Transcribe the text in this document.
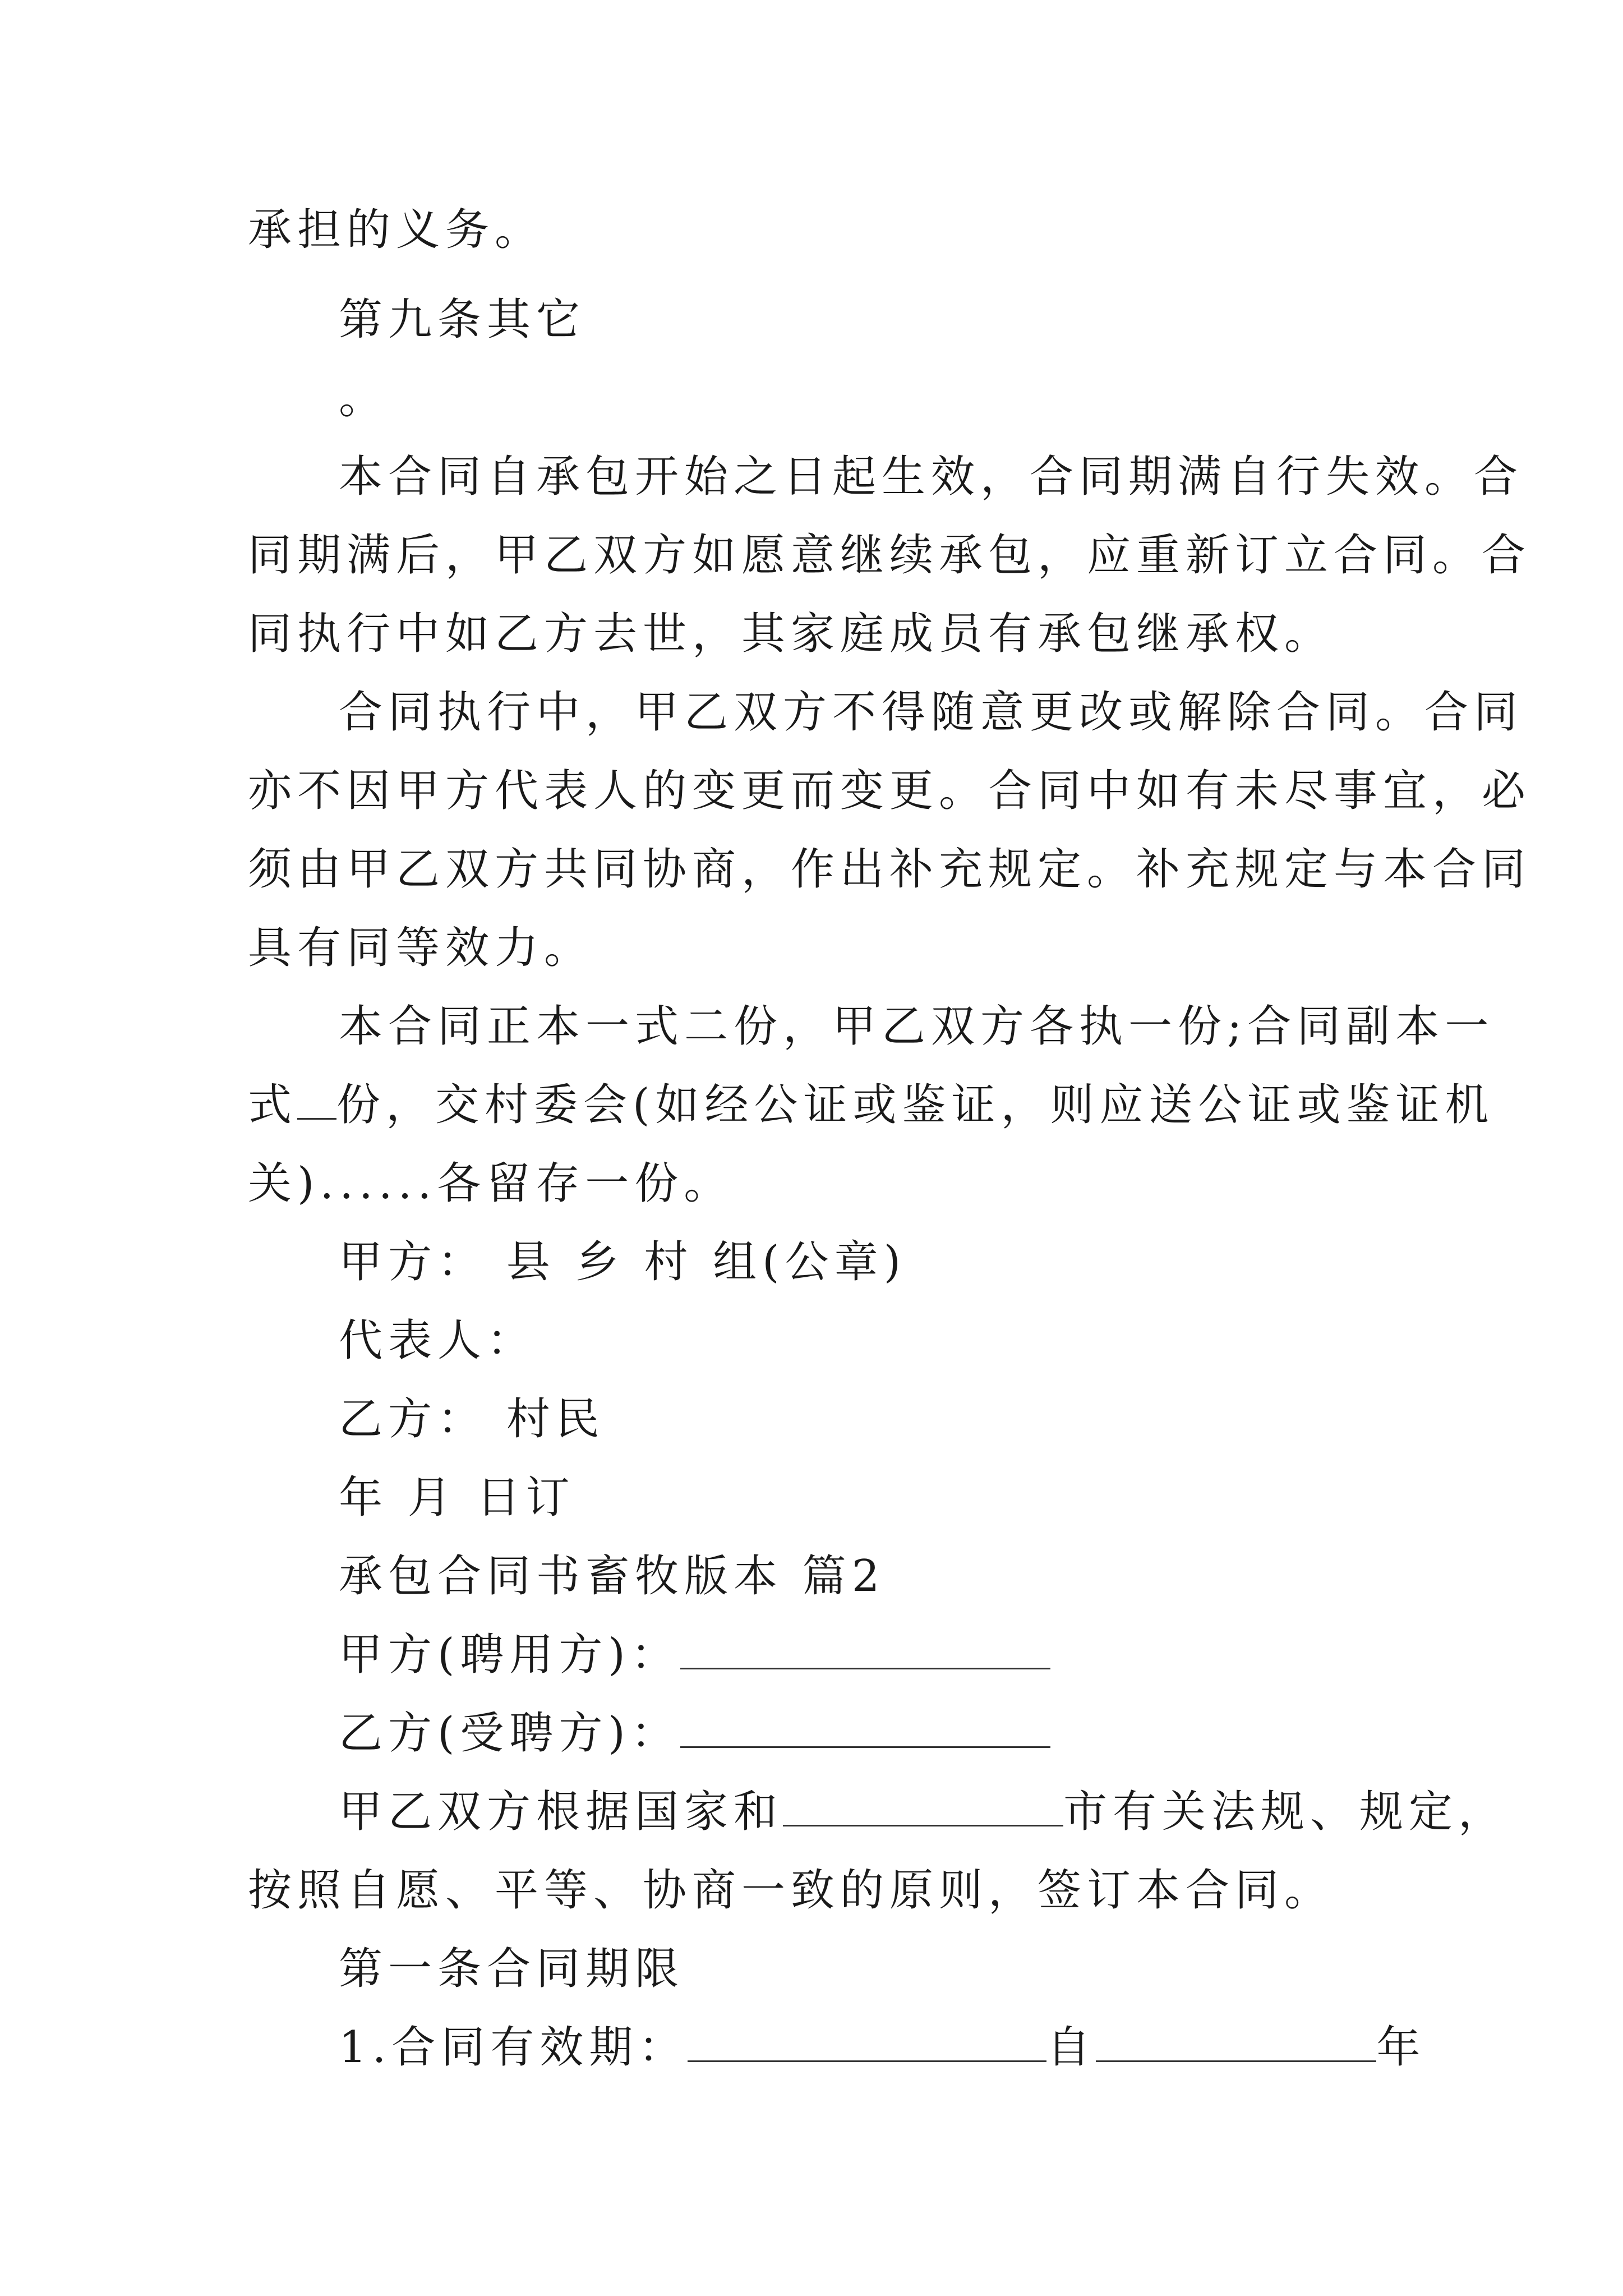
承担的义务。
第九条其它
。
本合同自承包开始之日起生效，合同期满自行失效。合
同期满后，甲乙双方如愿意继续承包，应重新订立合同。合
同执行中如乙方去世，其家庭成员有承包继承权。
合同执行中，甲乙双方不得随意更改或解除合同。合同
亦不因甲方代表人的变更而变更。合同中如有未尽事宜，必
须由甲乙双方共同协商，作出补充规定。补充规定与本合同
具有同等效力。
本合同正本一式二份，甲乙双方各执一份;合同副本一
式 份，交村委会(如经公证或鉴证，则应送公证或鉴证机
关)......各留存一份。
甲方： 县 乡 村 组(公章)
代表人：
乙方： 村民
年 月 日订
承包合同书畜牧版本 篇2
甲方(聘用方)：
乙方(受聘方)：
甲乙双方根据国家和	市有关法规、规定，
按照自愿、平等、协商一致的原则，签订本合同。
第一条合同期限
1.合同有效期：	自	年
